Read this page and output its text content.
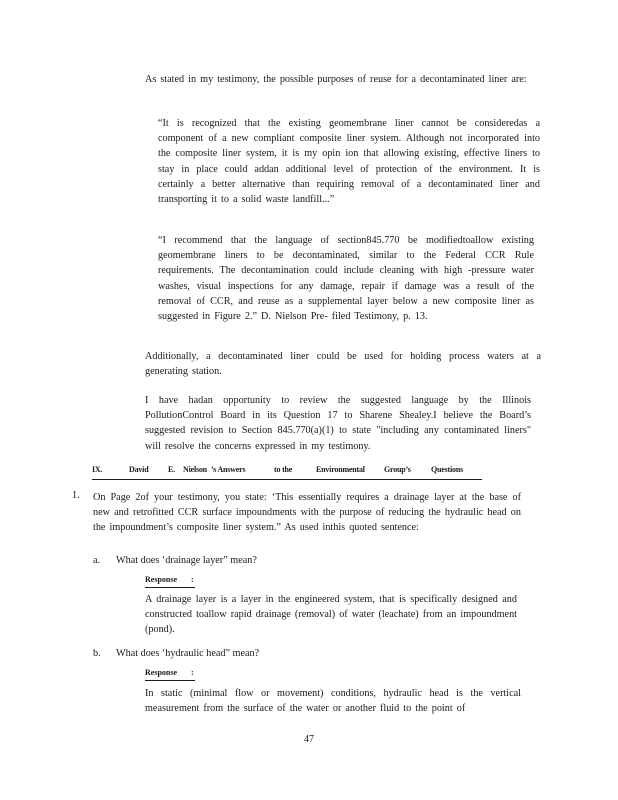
As stated in my testimony, the possible purposes of reuse for a decontaminated liner are:

“It is recognized that the existing geomembrane liner cannot be consideredas a component of a new compliant composite liner system. Although not incorporated into the composite liner system, it is my opin ion that allowing existing, effective liners to stay in place could addan additional level of protection of the environment. It is certainly a better alternative than requiring removal of a decontaminated liner and transporting it to a solid waste landfill...”

“I recommend that the language of section845.770 be modifiedtoallow existing geomembrane liners to be decontaminated, similar to the Federal CCR Rule requirements. The decontamination could include cleaning with high -pressure water washes, visual inspections for any damage, repair if damage was a result of the removal of CCR, and reuse as a supplemental layer below a new composite liner as suggested in Figure 2.” D. Nielson Pre- filed Testimony, p. 13.

Additionally, a decontaminated liner could be used for holding process waters at a generating station.

I have hadan opportunity to review the suggested language by the Illinois PollutionControl Board in its Question 17 to Sharene Shealey.I believe the Board’s suggested revision to Section 845.770(a)(1) to state "including any contaminated liners" will resolve the concerns expressed in my testimony.

IX.	David E. Nielson ’s Answers	to the	Environmental Group’s	Questions
1. On Page 2of your testimony, you state: ‘This essentially requires a drainage layer at the base of new and retrofitted CCR surface impoundments with the purpose of reducing the hydraulic head on the impoundment’s composite liner system.” As used inthis quoted sentence:

a. What does ‘drainage layer” mean?
Response :

A drainage layer is a layer in the engineered system, that is specifically designed and constructed toallow rapid drainage (removal) of water (leachate) from an impoundment (pond).

b. What does ‘hydraulic head” mean?
Response :

In static (minimal flow or movement) conditions, hydraulic head is the vertical measurement from the surface of the water or another fluid to the point of

47
